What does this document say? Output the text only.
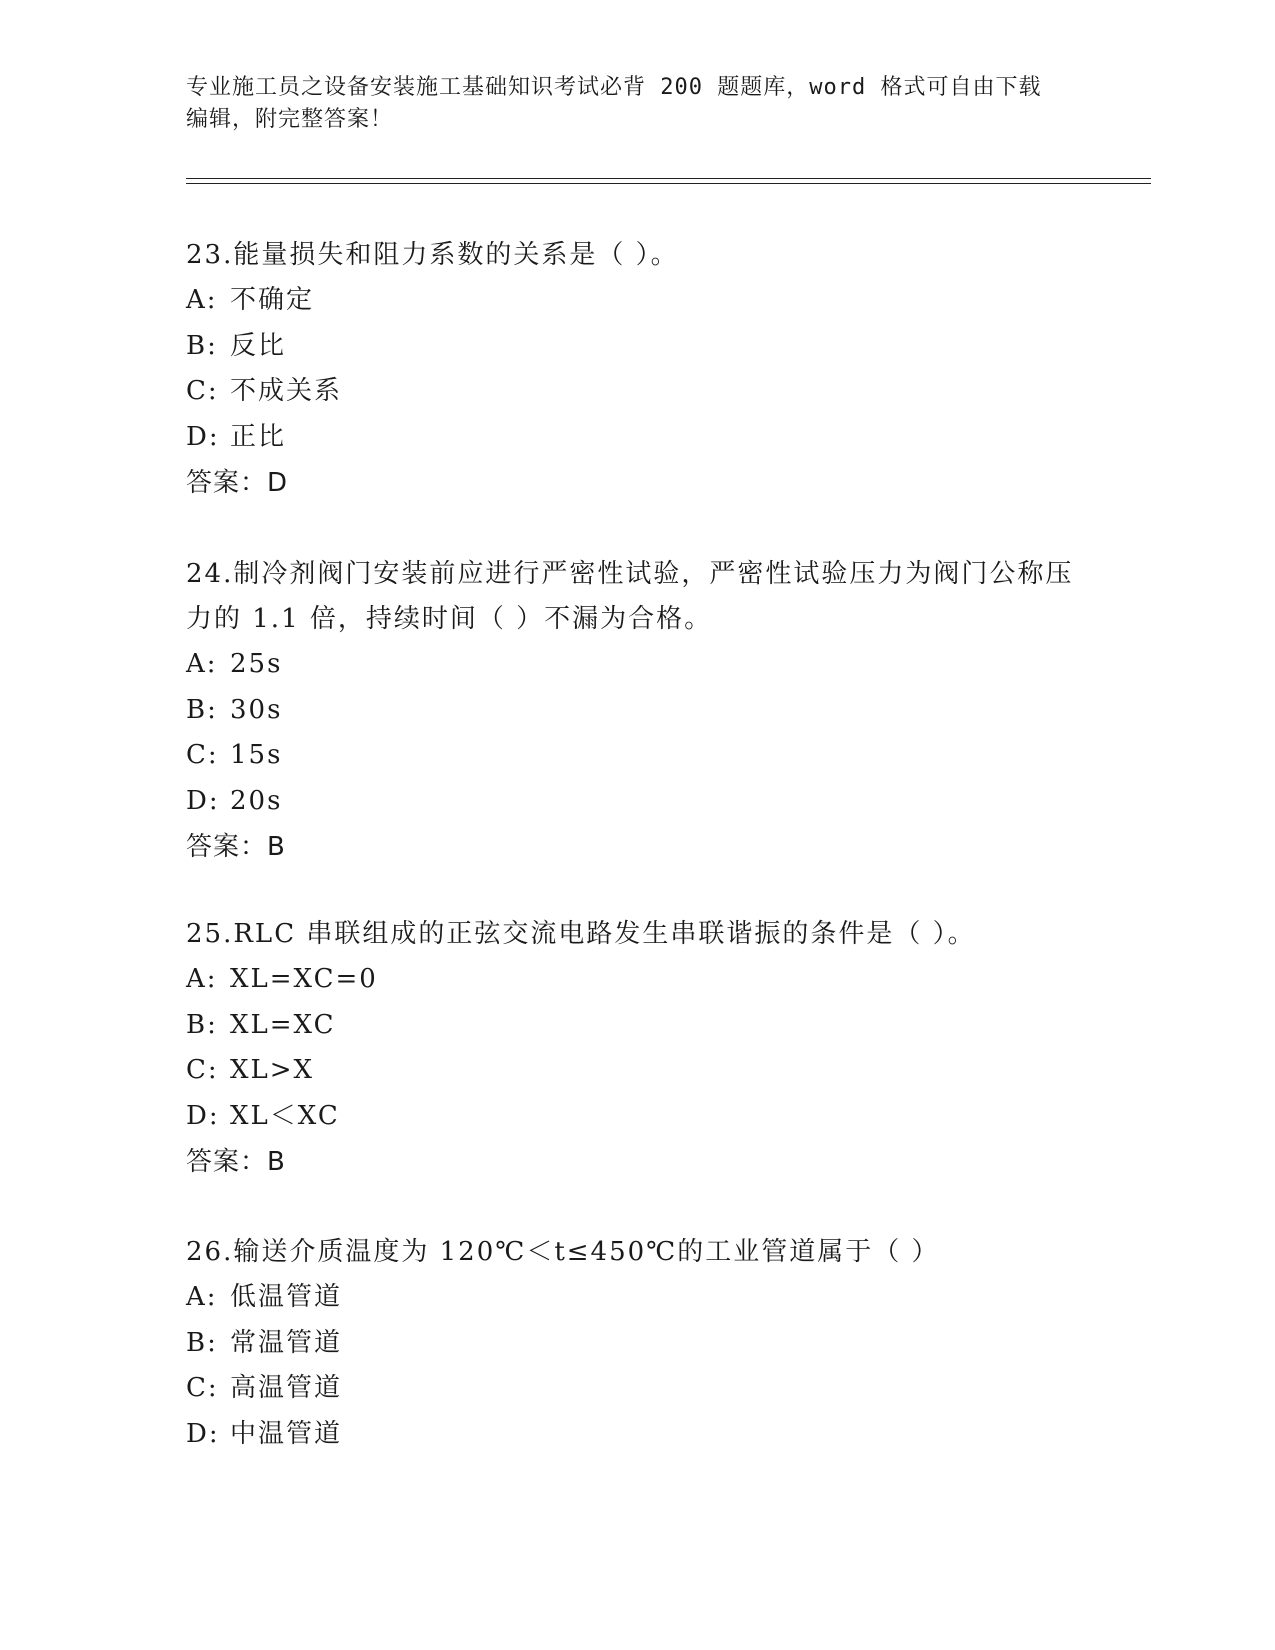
专业施工员之设备安装施工基础知识考试必背 200 题题库，word 格式可自由下载
编辑，附完整答案！

23.能量损失和阻力系数的关系是（ ）。

A: 不确定

B: 反比

C: 不成关系

D: 正比

答案：D

24.制冷剂阀门安装前应进行严密性试验，严密性试验压力为阀门公称压力的 1.1 倍，持续时间（ ）不漏为合格。

A: 25s

B: 30s

C: 15s

D: 20s

答案：B

25.RLC 串联组成的正弦交流电路发生串联谐振的条件是（ ）。

A: XL=XC=0

B: XL=XC

C: XL>X

D: XL＜XC

答案：B

26.输送介质温度为 120℃＜t≤450℃的工业管道属于（ ）

A: 低温管道

B: 常温管道

C: 高温管道

D: 中温管道
